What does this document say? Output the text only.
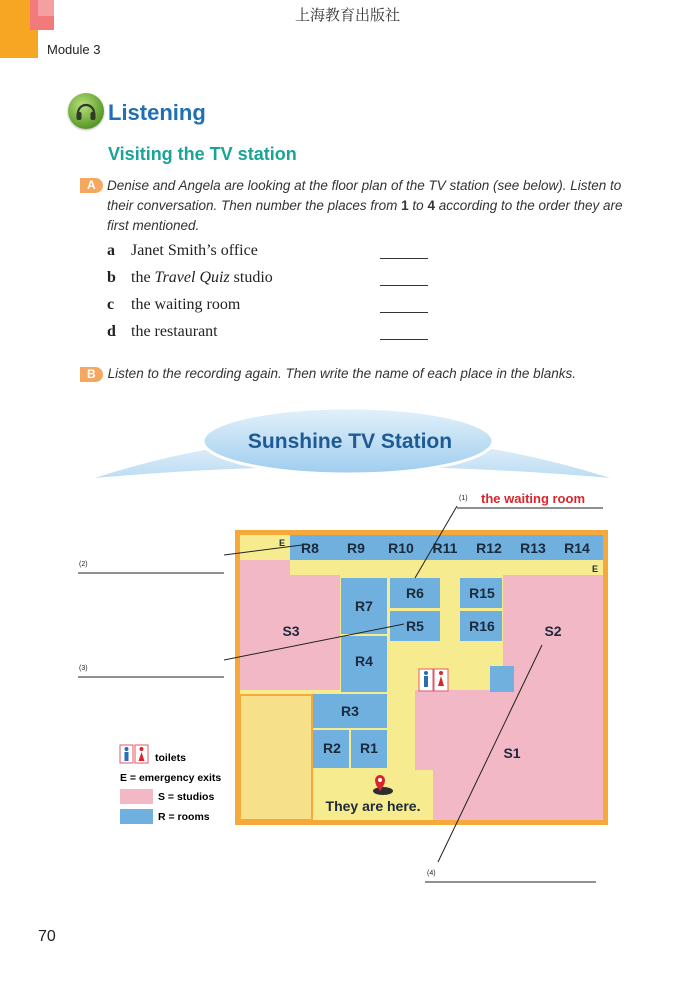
上海教育出版社
Module 3
Listening
Visiting the TV station
A Denise and Angela are looking at the floor plan of the TV station (see below). Listen to their conversation. Then number the places from 1 to 4 according to the order they are first mentioned.
a Janet Smith’s office
b the Travel Quiz studio
c the waiting room
d the restaurant
B Listen to the recording again. Then write the name of each place in the blanks.
Sunshine TV Station
R8 R9 R10 R11 R12 R13 R14
R7
R4
R3
R2 R1
R6
R5
R15
R16
S3	S2
S1
E
E
They are here.
(1)
(2)
(3)
(4)
the waiting room
toilets
E = emergency exits
S = studios
R = rooms
70
